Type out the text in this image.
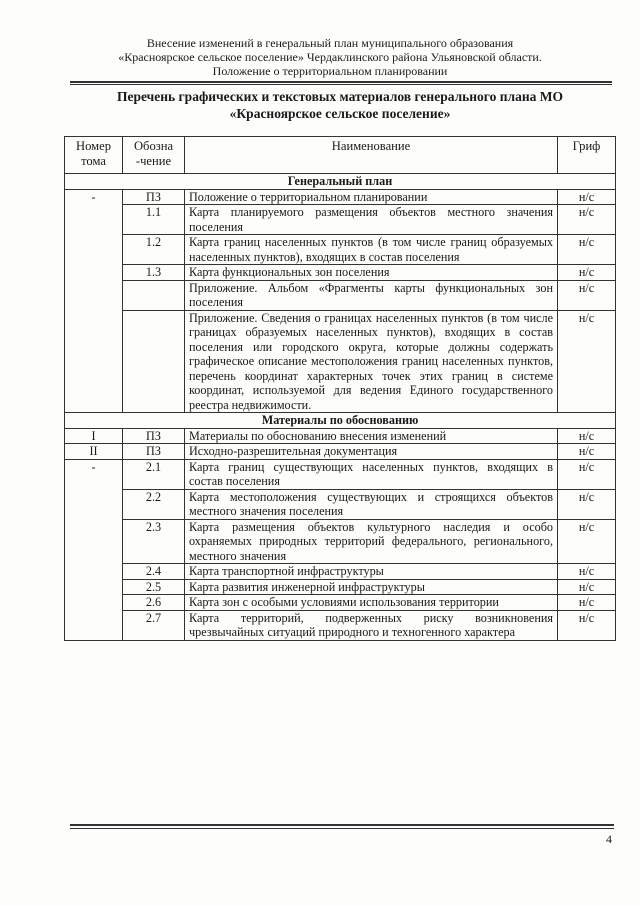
Внесение изменений в генеральный план муниципального образования
«Красноярское сельское поселение» Чердаклинского района Ульяновской области.
Положение о территориальном планировании
Перечень графических и текстовых материалов генерального плана МО
«Красноярское сельское поселение»
Номер тома	Обозна -чение	Наименование	Гриф
Генеральный план			
-	ПЗ	Положение о территориальном планировании	н/с
	1.1	Карта планируемого размещения объектов местного значения поселения	н/с
	1.2	Карта границ населенных пунктов (в том числе границ образуемых населенных пунктов), входящих в состав поселения	н/с
	1.3	Карта функциональных зон поселения	н/с
		Приложение. Альбом «Фрагменты карты функциональных зон поселения	н/с
		Приложение. Сведения о границах населенных пунктов (в том числе границах образуемых населенных пунктов), входящих в состав поселения или городского округа, которые должны содержать графическое описание местоположения границ населенных пунктов, перечень координат характерных точек этих границ в системе координат, используемой для ведения Единого государственного реестра недвижимости.	н/с
Материалы по обоснованию			
I	ПЗ	Материалы по обоснованию внесения изменений	н/с
II	ПЗ	Исходно-разрешительная документация	н/с
-	2.1	Карта границ существующих населенных пунктов, входящих в состав поселения	н/с
	2.2	Карта местоположения существующих и строящихся объектов местного значения поселения	н/с
	2.3	Карта размещения объектов культурного наследия и особо охраняемых природных территорий федерального, регионального, местного значения	н/с
	2.4	Карта транспортной инфраструктуры	н/с
	2.5	Карта развития инженерной инфраструктуры	н/с
	2.6	Карта зон с особыми условиями использования территории	н/с
	2.7	Карта территорий, подверженных риску возникновения чрезвычайных ситуаций природного и техногенного характера	н/с
4
